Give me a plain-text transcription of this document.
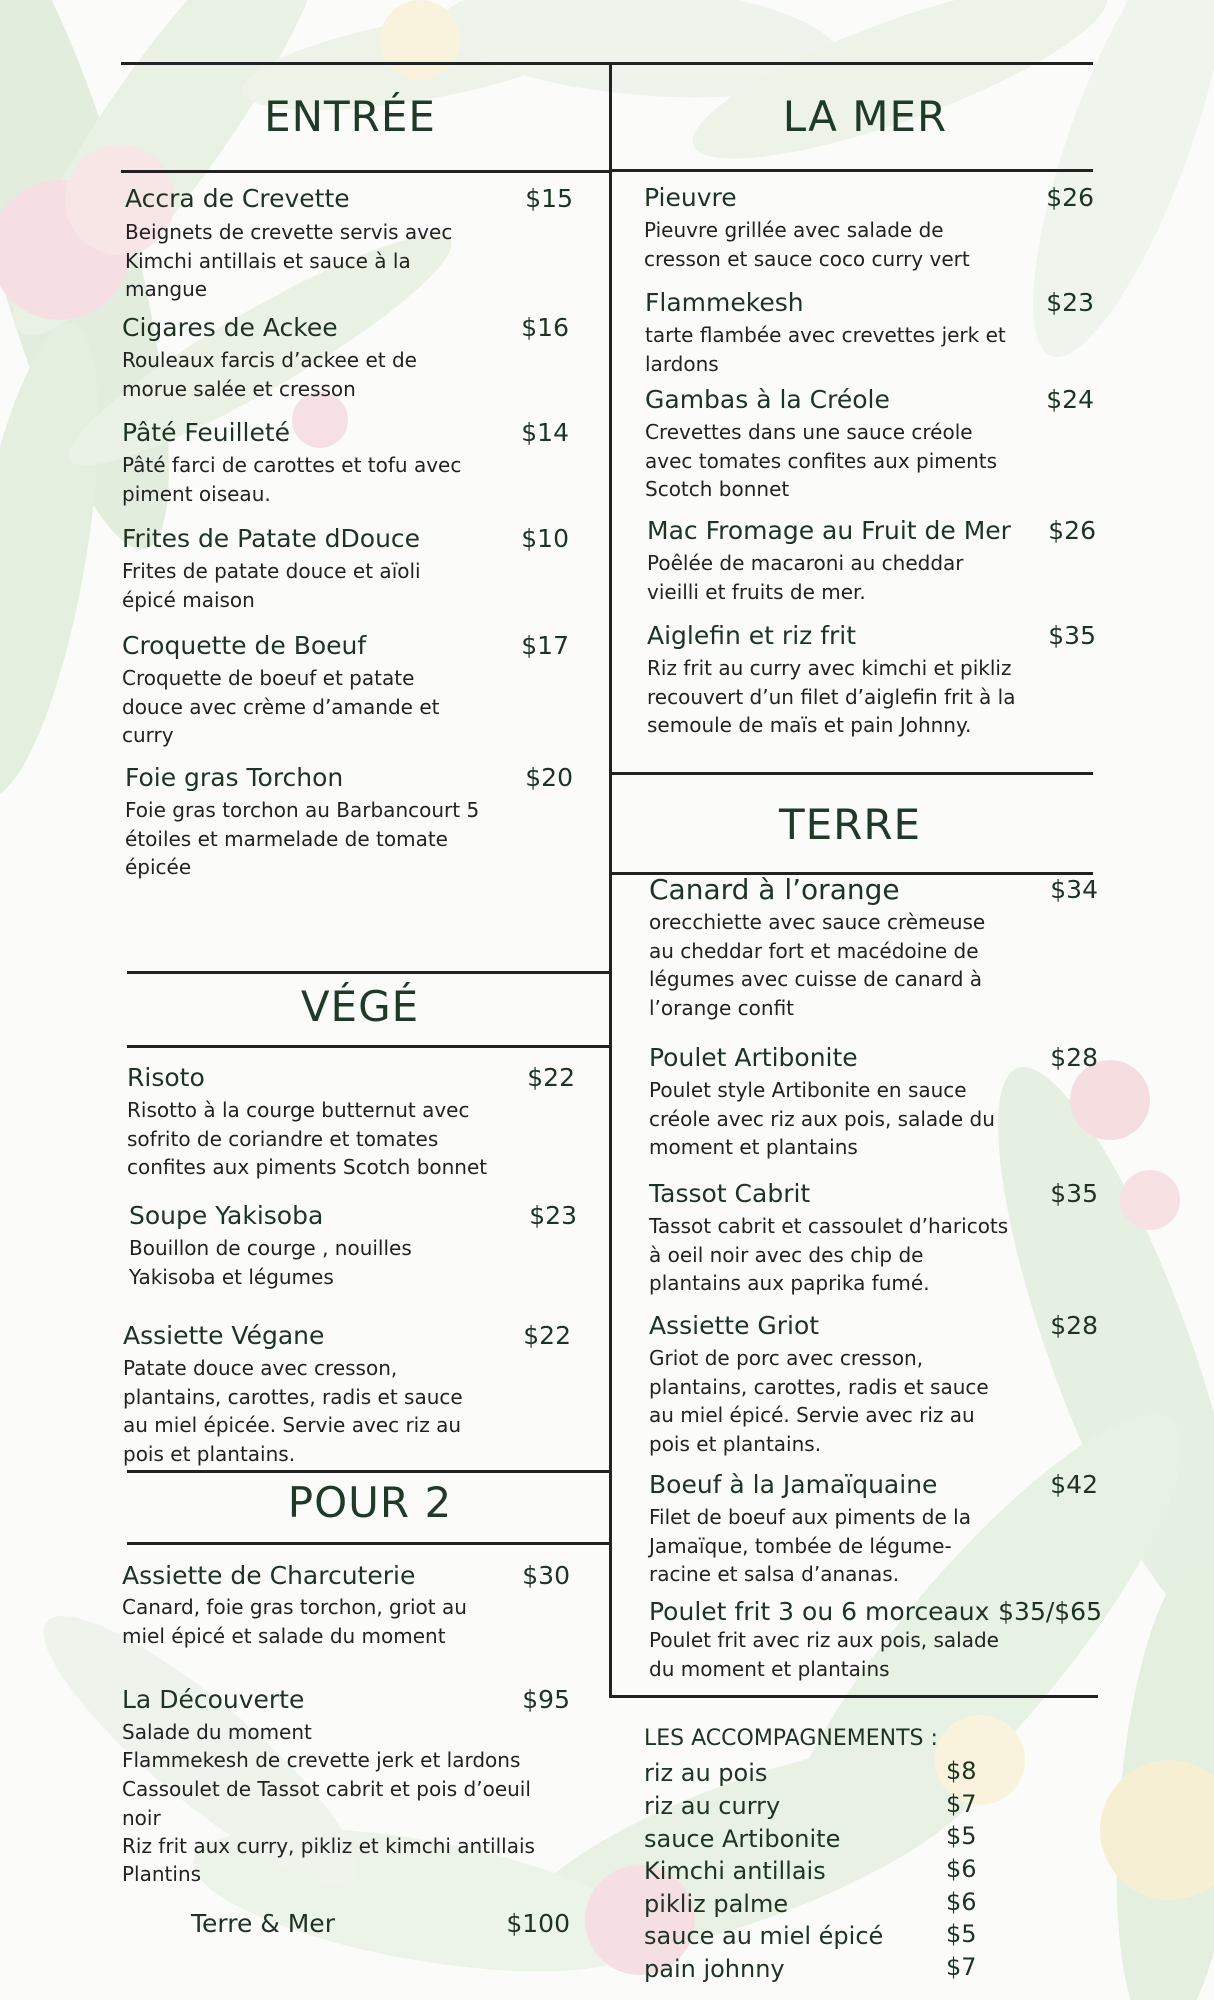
ENTRÉE	LA MER
TERRE
VÉGÉ
POUR 2
Accra de Crevette	$15
Beignets de crevette servis avec Kimchi antillais et sauce à la mangue
Cigares de Ackee	$16
Rouleaux farcis d’ackee et de morue salée et cresson
Pâté Feuilleté	$14
Pâté farci de carottes et tofu avec piment oiseau.
Frites de Patate dDouce	$10
Frites de patate douce et aïoli épicé maison
Croquette de Boeuf	$17
Croquette de boeuf et patate douce avec crème d’amande et curry
Foie gras Torchon	$20
Foie gras torchon au Barbancourt 5 étoiles et marmelade de tomate épicée
Risoto	$22
Risotto à la courge butternut avec sofrito de coriandre et tomates confites aux piments Scotch bonnet
Soupe Yakisoba	$23
Bouillon de courge , nouilles Yakisoba et légumes
Assiette Végane	$22
Patate douce avec cresson, plantains, carottes, radis et sauce au miel épicée. Servie avec riz au pois et plantains.
Assiette de Charcuterie	$30
Canard, foie gras torchon, griot au miel épicé et salade du moment
La Découverte	$95
Salade du moment
Flammekesh de crevette jerk et lardons
Cassoulet de Tassot cabrit et pois d’oeuil noir
Riz frit aux curry, pikliz et kimchi antillais
Plantins
Terre & Mer	$100
Pieuvre	$26
Pieuvre grillée avec salade de cresson et sauce coco curry vert
Flammekesh	$23
tarte flambée avec crevettes jerk et lardons
Gambas à la Créole	$24
Crevettes dans une sauce créole avec tomates confites aux piments Scotch bonnet
Mac Fromage au Fruit de Mer	$26
Poêlée de macaroni au cheddar vieilli et fruits de mer.
Aiglefin et riz frit	$35
Riz frit au curry avec kimchi et pikliz recouvert d’un filet d’aiglefin frit à la semoule de maïs et pain Johnny.
Canard à l’orange	$34
orecchiette avec sauce crèmeuse au cheddar fort et macédoine de légumes avec cuisse de canard à l’orange confit
Poulet Artibonite	$28
Poulet style Artibonite en sauce créole avec riz aux pois, salade du moment et plantains
Tassot Cabrit	$35
Tassot cabrit et cassoulet d’haricots à oeil noir avec des chip de plantains aux paprika fumé.
Assiette Griot	$28
Griot de porc avec cresson, plantains, carottes, radis et sauce au miel épicé. Servie avec riz au pois et plantains.
Boeuf à la Jamaïquaine	$42
Filet de boeuf aux piments de la Jamaïque, tombée de légume-racine et salsa d’ananas.
Poulet frit 3 ou 6 morceaux $35/$65
Poulet frit avec riz aux pois, salade du moment et plantains
LES ACCOMPAGNEMENTS :
riz au pois	$8
riz au curry	$7
sauce Artibonite	$5
Kimchi antillais	$6
pikliz palme	$6
sauce au miel épicé	$5
pain johnny	$7
